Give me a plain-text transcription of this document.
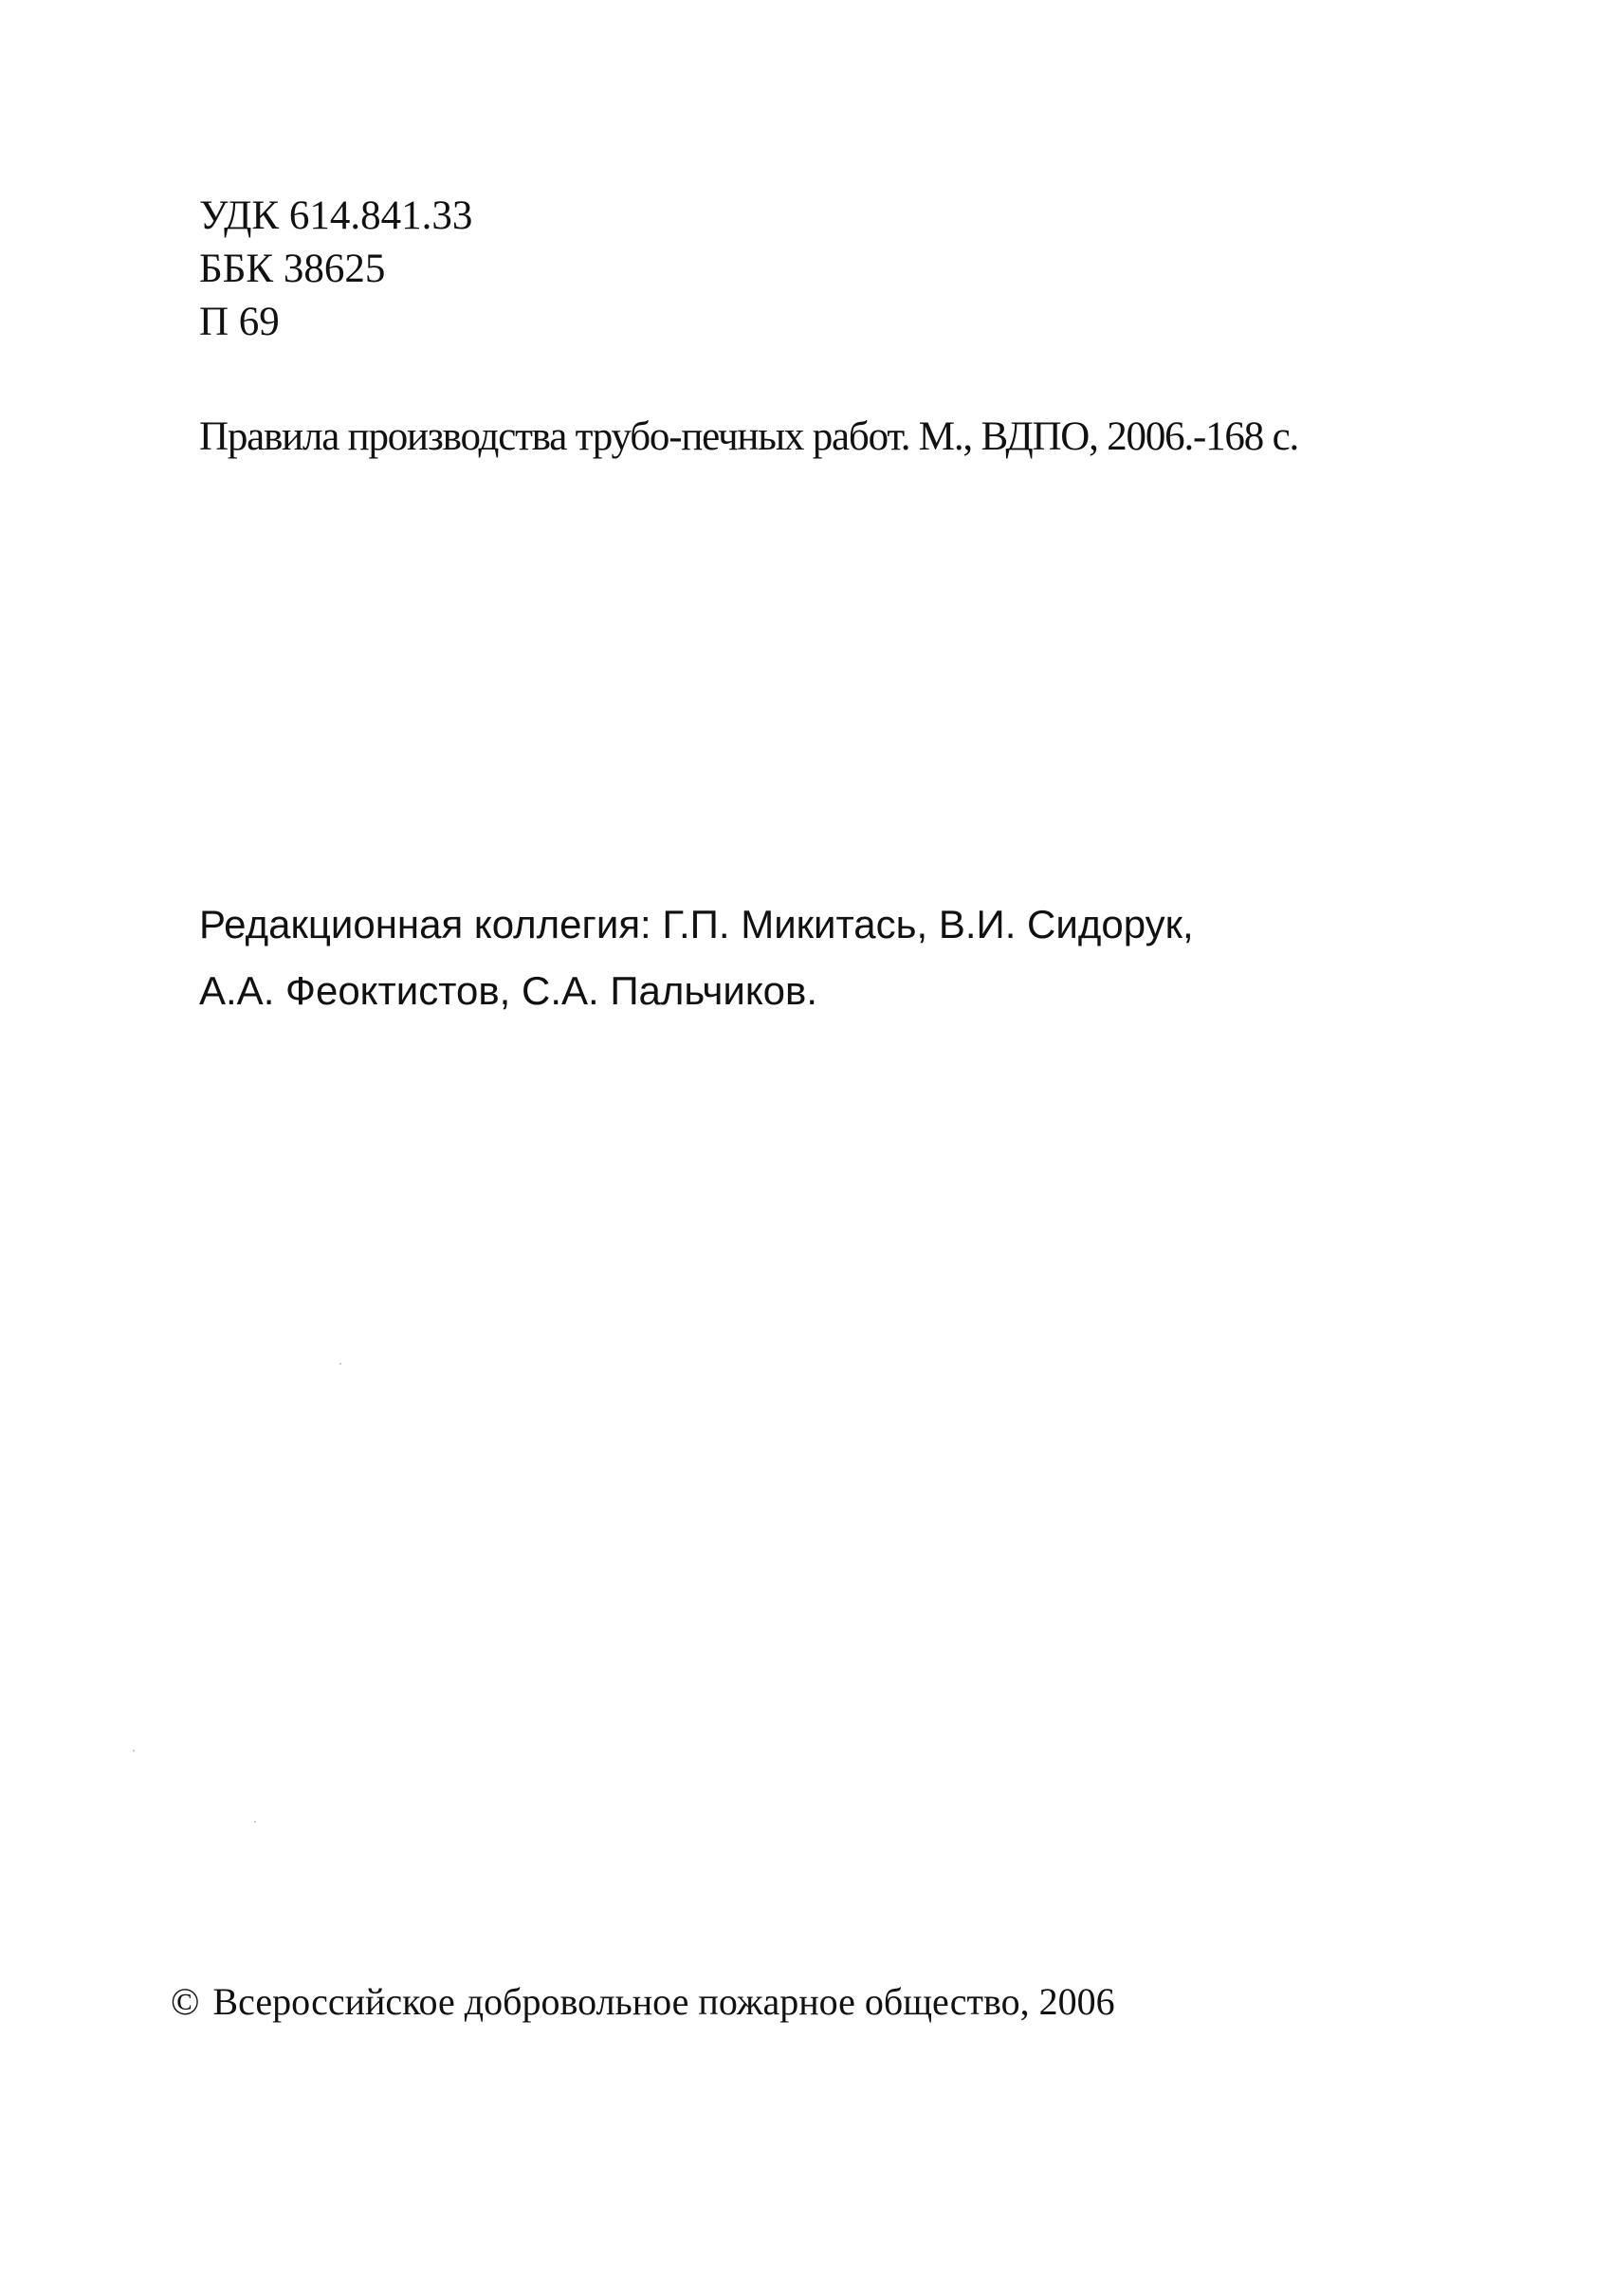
УДК 614.841.33
ББК 38625
П 69
Правила производства трубо-печных работ. М., ВДПО, 2006.-168 с.
Редакционная коллегия: Г.П. Микитась, В.И. Сидорук,
А.А. Феоктистов, С.А. Пальчиков.
© Всероссийское добровольное пожарное общество, 2006
